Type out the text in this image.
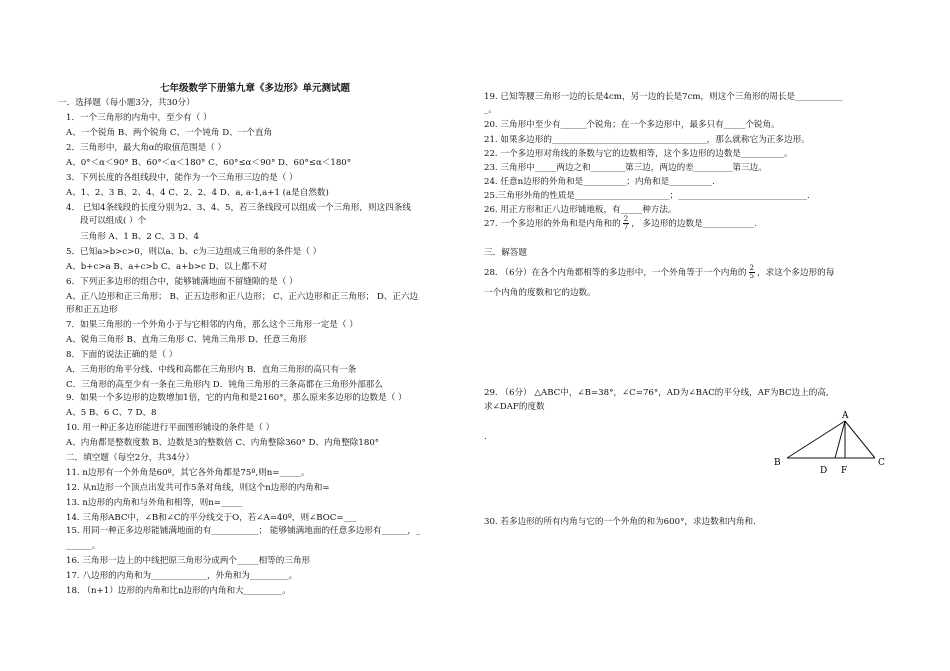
七年级数学下册第九章《多边形》单元测试题
一．选择题（每小题3分，共30分）
1．一个三角形的内角中，至少有（ ）
A、一个锐角 B、两个锐角 C、一个钝角 D、一个直角
2．三角形中，最大角α的取值范围是（ ）
A、0°＜α＜90° B、60°＜α＜180° C、60°≤α＜90° D、60°≤α＜180°
3．下列长度的各组线段中，能作为一个三角形三边的是（ ）
A、1、2、3 B、2、4、4 C、2、2、4 D、a, a-1,a+1 (a是自然数)
4． 已知4条线段的长度分别为2、3、4、5，若三条线段可以组成一个三角形，则这四条线
段可以组成( ）个
三角形 A、1 B、2 C、3 D、4
5．已知a>b>c>0，则以a、b、c为三边组成三角形的条件是（ ）
A、b+c>a B、a+c>b C、a+b>c D、以上都不对
6．下列正多边形的组合中，能够铺满地面不留缝隙的是（ ）
A、正八边形和正三角形； B、正五边形和正八边形； C、正六边形和正三角形； D、正六边
形和正五边形
7．如果三角形的一个外角小于与它相邻的内角，那么这个三角形一定是（ ）
A、锐角三角形 B、直角三角形 C、钝角三角形 D、任意三角形
8．下面的说法正确的是（ ）
A．三角形的角平分线、中线和高都在三角形内 B．直角三角形的高只有一条
C．三角形的高至少有一条在三角形内 D．钝角三角形的三条高都在三角形外部那么
9．如果一个多边形的边数增加1倍，它的内角和是2160°，那么原来多边形的边数是（ ）
A、5 B、6 C、7 D、8
10. 用一种正多边形能进行平面图形铺设的条件是（ ）
A、内角都是整数度数 B、边数是3的整数倍 C、内角整除360° D、内角整除180°
二．填空题（每空2分，共34分）
11. n边形有一个外角是60º，其它各外角都是75º,则n=_____。
12. 从n边形一个顶点出发共可作5条对角线，则这个n边形的内角和=
13. n边形的内角和与外角和相等，则n=_____
14. 三角形ABC中，∠B和∠C的平分线交于O，若∠A=40º，则∠BOC=___
15. 用同一种正多边形能铺满地面的有___________； 能够铺满地面的任意多边形有______，_
______。
16. 三角形一边上的中线把原三角形分成两个_____相等的三角形
17. 八边形的内角和为_____________，外角和为_________。
18. （n+1）边形的内角和比n边形的内角和大_________。
19. 已知等腰三角形一边的长是4cm，另一边的长是7cm，则这个三角形的周长是___________
_。
20. 三角形中至少有______个锐角；在一个多边形中，最多只有_____个锐角。
21. 如果多边形的____________________________________，那么就称它为正多边形。
22. 一个多边形对角线的条数与它的边数相等，这个多边形的边数是__________。
23. 三角形中_____两边之和________第三边，两边的差_________第三边。
24. 任意n边形的外角和是__________；内角和是__________.
25.三角形外角的性质是______________________；______________________________.
26. 用正方形和正八边形铺地板，有_____种方法。
三．解答题
27. 一个多边形的外角和是内角和的 $\frac{2}{7}$ ， 多边形的边数是____________.
28. （6分）在各个内角都相等的多边形中，一个外角等于一个内角的 $\frac{2}{5}$ ，求这个多边形的每
一个内角的度数和它的边数。
29. （6分） △ABC中，∠B=38°，∠C=76°，AD为∠BAC的平分线，AF为BC边上的高,
求∠DAF的度数
.
A
B	C
D F
30. 若多边形的所有内角与它的一个外角的和为600°，求边数和内角和.
